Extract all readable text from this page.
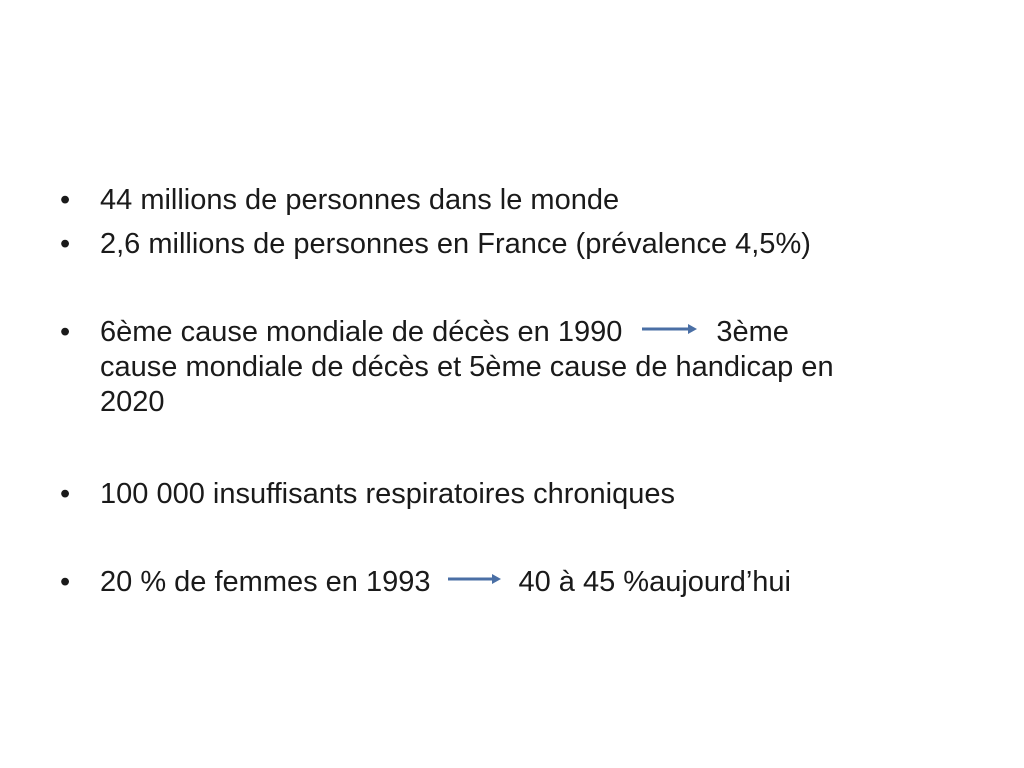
•	44 millions de personnes dans le monde
•	2,6 millions de personnes en France (prévalence 4,5%)
•	6ème cause mondiale de décès en 1990	3ème
cause mondiale de décès et 5ème cause de handicap en
2020
•	100 000 insuffisants respiratoires chroniques
•	20 % de femmes en 1993	40 à 45 %aujourd’hui
